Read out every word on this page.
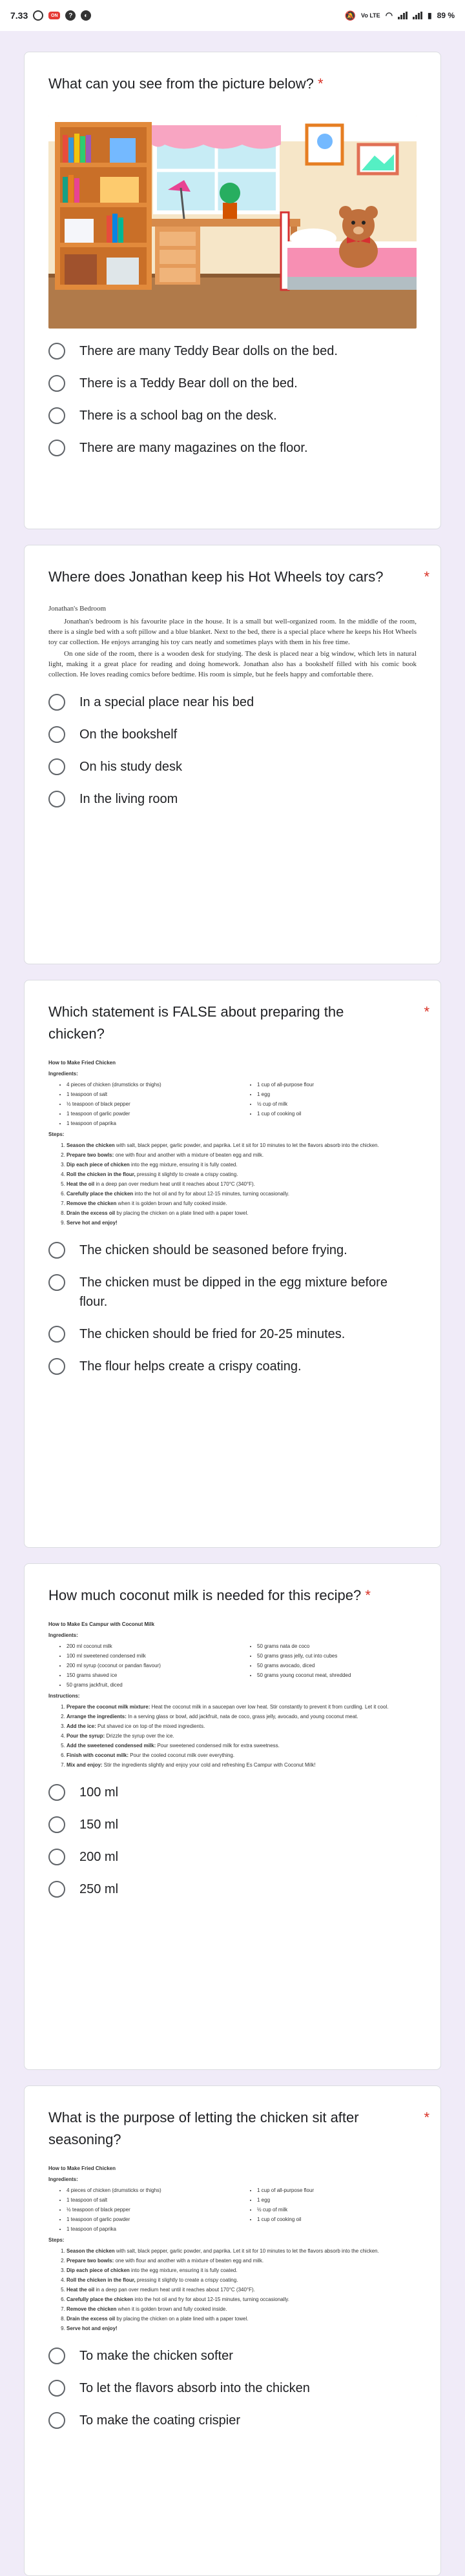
7.33	ON	?	◐	🔕 Vo LTE ◠	▮ 89 %
What can you see from the picture below? *
There are many Teddy Bear dolls on the bed.
There is a Teddy Bear doll on the bed.
There is a school bag on the desk.
There are many magazines on the floor.
Where does Jonathan keep his Hot Wheels toy cars?	*
Jonathan's Bedroom

Jonathan's bedroom is his favourite place in the house. It is a small but well-organized room. In the middle of the room, there is a single bed with a soft pillow and a blue blanket. Next to the bed, there is a special place where he keeps his Hot Wheels toy car collection. He enjoys arranging his toy cars neatly and sometimes plays with them in his free time.

On one side of the room, there is a wooden desk for studying. The desk is placed near a big window, which lets in natural light, making it a great place for reading and doing homework. Jonathan also has a bookshelf filled with his comic book collection. He loves reading comics before bedtime. His room is simple, but he feels happy and comfortable there.

In a special place near his bed
On the bookshelf
On his study desk
In the living room
Which statement is FALSE about preparing the chicken?
*
How to Make Fried Chicken
Ingredients:
• 4 pieces of chicken (drumsticks or thighs)
• 1 teaspoon of salt
• ½ teaspoon of black pepper
• 1 teaspoon of garlic powder
• 1 teaspoon of paprika
• 1 cup of all-purpose flour
• 1 egg
• ½ cup of milk
• 1 cup of cooking oil
Steps:
1. Season the chicken with salt, black pepper, garlic powder, and paprika. Let it sit for 10 minutes to let the flavors absorb into the chicken.
2. Prepare two bowls: one with flour and another with a mixture of beaten egg and milk.
3. Dip each piece of chicken into the egg mixture, ensuring it is fully coated.
4. Roll the chicken in the flour, pressing it slightly to create a crispy coating.
5. Heat the oil in a deep pan over medium heat until it reaches about 170°C (340°F).
6. Carefully place the chicken into the hot oil and fry for about 12-15 minutes, turning occasionally.
7. Remove the chicken when it is golden brown and fully cooked inside.
8. Drain the excess oil by placing the chicken on a plate lined with a paper towel.
9. Serve hot and enjoy!
The chicken should be seasoned before frying.
The chicken must be dipped in the egg mixture before flour.
The chicken should be fried for 20-25 minutes.
The flour helps create a crispy coating.
How much coconut milk is needed for this recipe? *
How to Make Es Campur with Coconut Milk
Ingredients:
• 200 ml coconut milk
• 100 ml sweetened condensed milk
• 200 ml syrup (coconut or pandan flavour)
• 150 grams shaved ice
• 50 grams jackfruit, diced
• 50 grams nata de coco
• 50 grams grass jelly, cut into cubes
• 50 grams avocado, diced
• 50 grams young coconut meat, shredded
Instructions:
1. Prepare the coconut milk mixture: Heat the coconut milk in a saucepan over low heat. Stir constantly to prevent it from curdling. Let it cool.
2. Arrange the ingredients: In a serving glass or bowl, add jackfruit, nata de coco, grass jelly, avocado, and young coconut meat.
3. Add the ice: Put shaved ice on top of the mixed ingredients.
4. Pour the syrup: Drizzle the syrup over the ice.
5. Add the sweetened condensed milk: Pour sweetened condensed milk for extra sweetness.
6. Finish with coconut milk: Pour the cooled coconut milk over everything.
7. Mix and enjoy: Stir the ingredients slightly and enjoy your cold and refreshing Es Campur with Coconut Milk!
100 ml
150 ml
200 ml
250 ml
What is the purpose of letting the chicken sit after seasoning?
*
How to Make Fried Chicken
Ingredients:
• 4 pieces of chicken (drumsticks or thighs)
• 1 teaspoon of salt
• ½ teaspoon of black pepper
• 1 teaspoon of garlic powder
• 1 teaspoon of paprika
• 1 cup of all-purpose flour
• 1 egg
• ½ cup of milk
• 1 cup of cooking oil
Steps:
1. Season the chicken with salt, black pepper, garlic powder, and paprika. Let it sit for 10 minutes to let the flavors absorb into the chicken.
2. Prepare two bowls: one with flour and another with a mixture of beaten egg and milk.
3. Dip each piece of chicken into the egg mixture, ensuring it is fully coated.
4. Roll the chicken in the flour, pressing it slightly to create a crispy coating.
5. Heat the oil in a deep pan over medium heat until it reaches about 170°C (340°F).
6. Carefully place the chicken into the hot oil and fry for about 12-15 minutes, turning occasionally.
7. Remove the chicken when it is golden brown and fully cooked inside.
8. Drain the excess oil by placing the chicken on a plate lined with a paper towel.
9. Serve hot and enjoy!
To make the chicken softer
To let the flavors absorb into the chicken
To make the coating crispier
